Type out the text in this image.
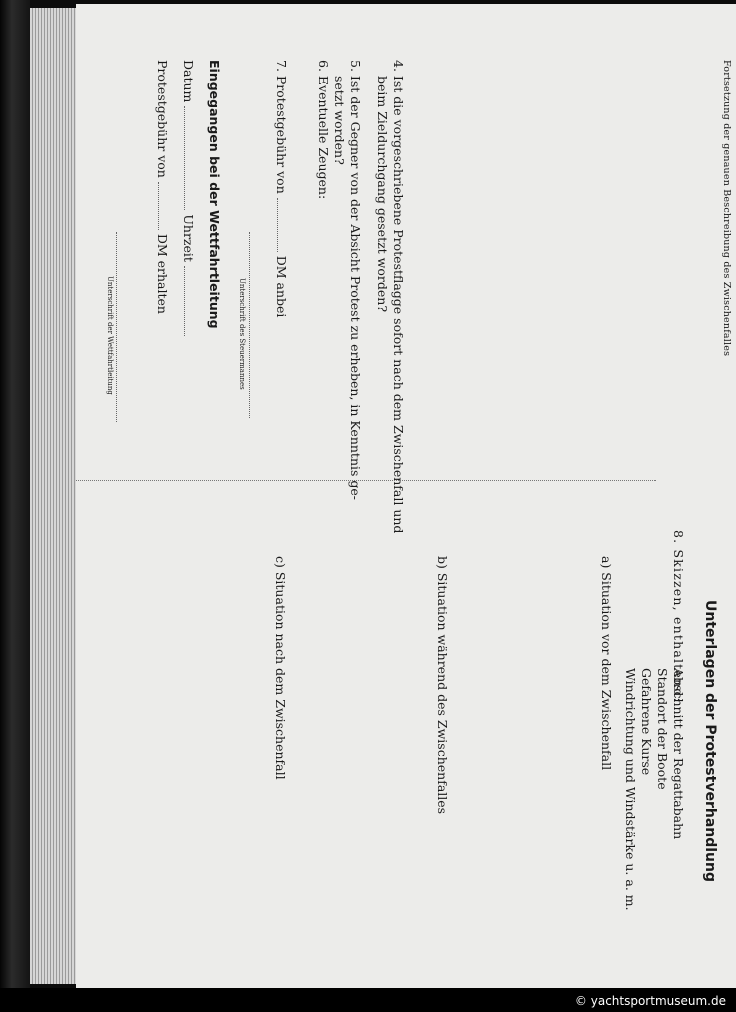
Fortsetzung der genauen Beschreibung des Zwischenfalles
4. Ist die vorgeschriebene Protestflagge sofort nach dem Zwischenfall und
beim Zieldurchgang gesetzt worden?
5. Ist der Gegner von der Absicht Protest zu erheben, in Kenntnis ge-
setzt worden?
6. Eventuelle Zeugen:
7. Protestgebühr von  DM anbei
Unterschrift des Steuermannes
Eingegangen bei der Wettfahrtleitung
Datum  Uhrzeit
Protestgebühr von  DM erhalten
Unterschrift der Wettfahrtleitung
Unterlagen der Protestverhandlung
8. Skizzen, enthaltend:
Abschnitt der Regattabahn
Standort der Boote
Gefahrene Kurse
Windrichtung und Windstärke u. a. m.
a) Situation vor dem Zwischenfall
b) Situation während des Zwischenfalles
c) Situation nach dem Zwischenfall
© yachtsportmuseum.de
